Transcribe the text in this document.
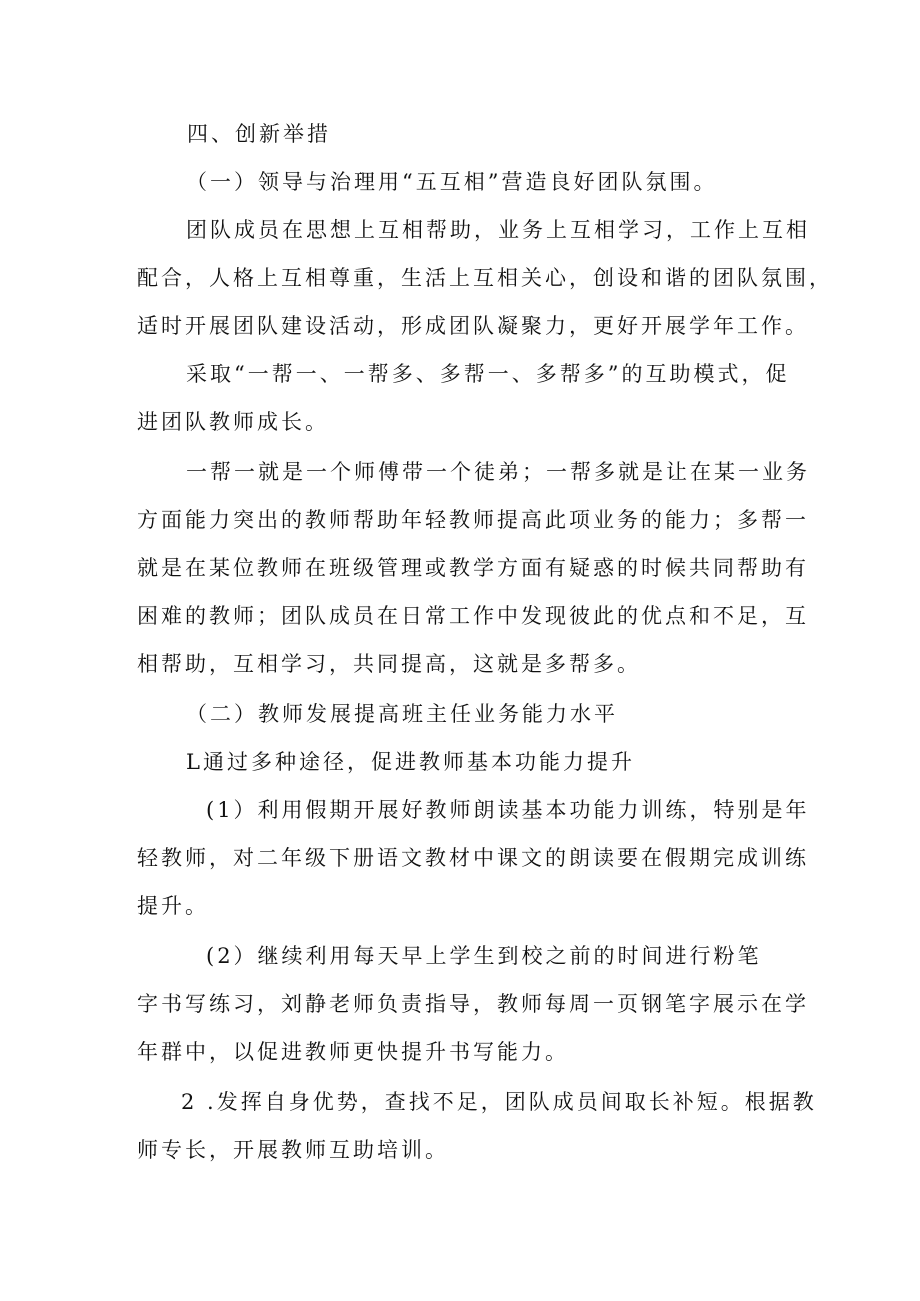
四、创新举措
（一）领导与治理用“五互相”营造良好团队氛围。
团队成员在思想上互相帮助，业务上互相学习，工作上互相
配合，人格上互相尊重，生活上互相关心，创设和谐的团队氛围，
适时开展团队建设活动，形成团队凝聚力，更好开展学年工作。
采取“一帮一、一帮多、多帮一、多帮多”的互助模式，促
进团队教师成长。
一帮一就是一个师傅带一个徒弟；一帮多就是让在某一业务
方面能力突出的教师帮助年轻教师提高此项业务的能力；多帮一
就是在某位教师在班级管理或教学方面有疑惑的时候共同帮助有
困难的教师；团队成员在日常工作中发现彼此的优点和不足，互
相帮助，互相学习，共同提高，这就是多帮多。
（二）教师发展提高班主任业务能力水平
L通过多种途径，促进教师基本功能力提升
(1）利用假期开展好教师朗读基本功能力训练，特别是年
轻教师，对二年级下册语文教材中课文的朗读要在假期完成训练
提升。
(2）继续利用每天早上学生到校之前的时间进行粉笔
字书写练习，刘静老师负责指导，教师每周一页钢笔字展示在学
年群中，以促进教师更快提升书写能力。
2 .发挥自身优势，查找不足，团队成员间取长补短。根据教
师专长，开展教师互助培训。
